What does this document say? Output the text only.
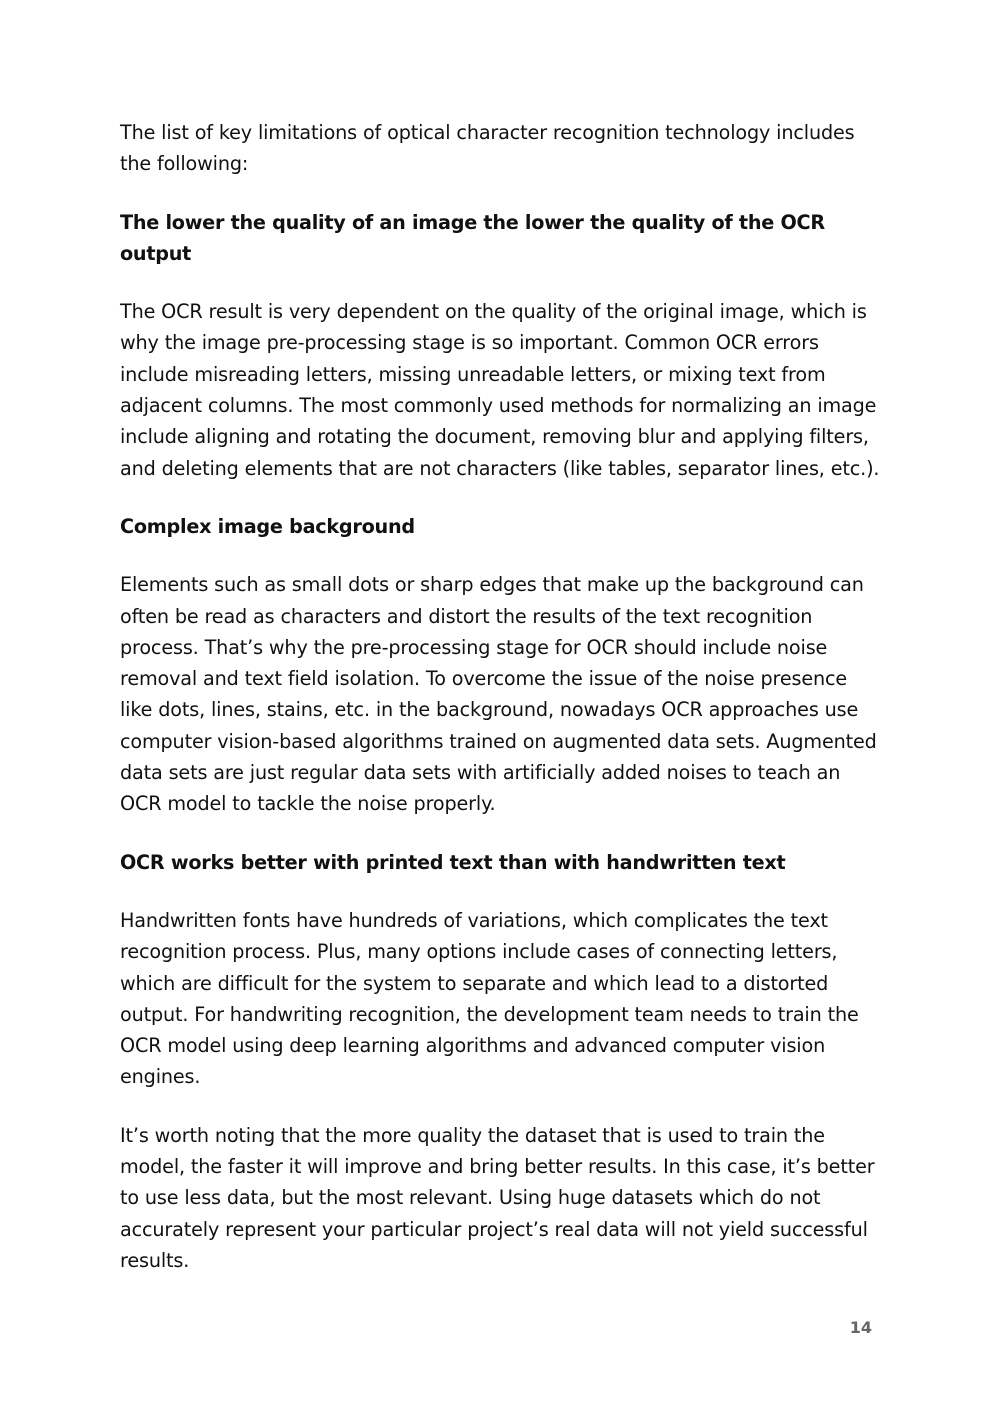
The list of key limitations of optical character recognition technology includes the following:

The lower the quality of an image the lower the quality of the OCR output

The OCR result is very dependent on the quality of the original image, which is why the image pre-processing stage is so important. Common OCR errors include misreading letters, missing unreadable letters, or mixing text from adjacent columns. The most commonly used methods for normalizing an image include aligning and rotating the document, removing blur and applying filters, and deleting elements that are not characters (like tables, separator lines, etc.).

Complex image background

Elements such as small dots or sharp edges that make up the background can often be read as characters and distort the results of the text recognition process. That’s why the pre-processing stage for OCR should include noise removal and text field isolation. To overcome the issue of the noise presence like dots, lines, stains, etc. in the background, nowadays OCR approaches use computer vision-based algorithms trained on augmented data sets. Augmented data sets are just regular data sets with artificially added noises to teach an OCR model to tackle the noise properly.

OCR works better with printed text than with handwritten text

Handwritten fonts have hundreds of variations, which complicates the text recognition process. Plus, many options include cases of connecting letters, which are difficult for the system to separate and which lead to a distorted output. For handwriting recognition, the development team needs to train the OCR model using deep learning algorithms and advanced computer vision engines.

It’s worth noting that the more quality the dataset that is used to train the model, the faster it will improve and bring better results. In this case, it’s better to use less data, but the most relevant. Using huge datasets which do not accurately represent your particular project’s real data will not yield successful results.

14
